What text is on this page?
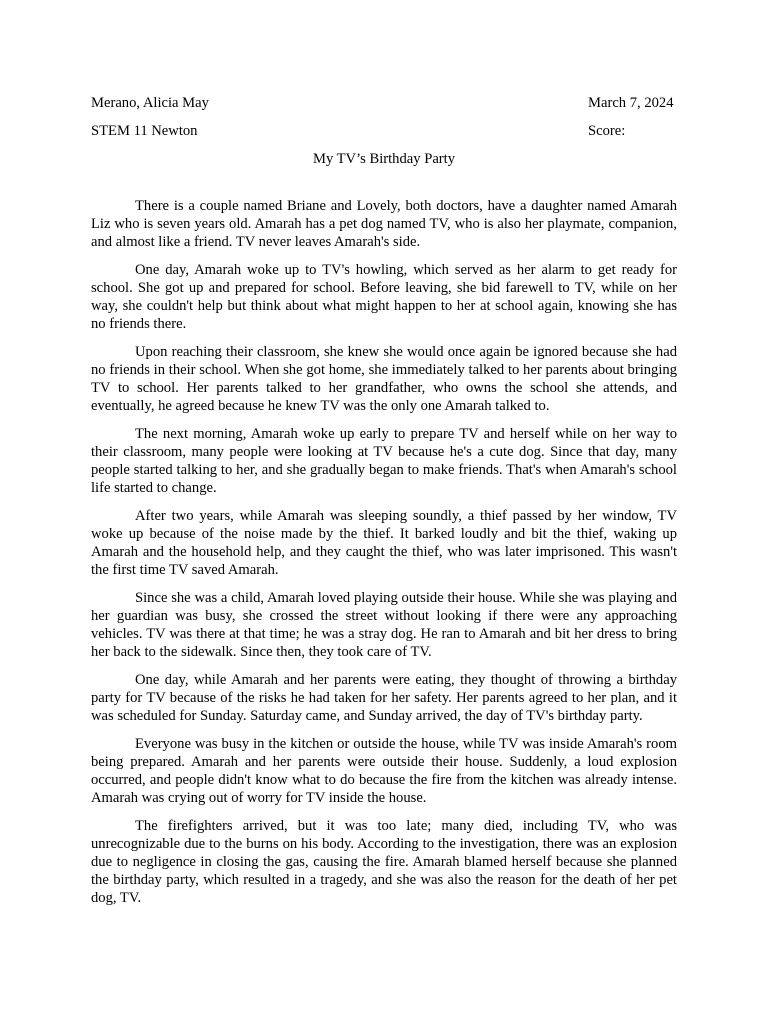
Merano, Alicia May	March 7, 2024
STEM 11 Newton	Score:
My TV’s Birthday Party

There is a couple named Briane and Lovely, both doctors, have a daughter named Amarah Liz who is seven years old. Amarah has a pet dog named TV, who is also her playmate, companion, and almost like a friend. TV never leaves Amarah's side.

One day, Amarah woke up to TV's howling, which served as her alarm to get ready for school. She got up and prepared for school. Before leaving, she bid farewell to TV, while on her way, she couldn't help but think about what might happen to her at school again, knowing she has no friends there.

Upon reaching their classroom, she knew she would once again be ignored because she had no friends in their school. When she got home, she immediately talked to her parents about bringing TV to school. Her parents talked to her grandfather, who owns the school she attends, and eventually, he agreed because he knew TV was the only one Amarah talked to.

The next morning, Amarah woke up early to prepare TV and herself while on her way to their classroom, many people were looking at TV because he's a cute dog. Since that day, many people started talking to her, and she gradually began to make friends. That's when Amarah's school life started to change.

After two years, while Amarah was sleeping soundly, a thief passed by her window, TV woke up because of the noise made by the thief. It barked loudly and bit the thief, waking up Amarah and the household help, and they caught the thief, who was later imprisoned. This wasn't the first time TV saved Amarah.

Since she was a child, Amarah loved playing outside their house. While she was playing and her guardian was busy, she crossed the street without looking if there were any approaching vehicles. TV was there at that time; he was a stray dog. He ran to Amarah and bit her dress to bring her back to the sidewalk. Since then, they took care of TV.

One day, while Amarah and her parents were eating, they thought of throwing a birthday party for TV because of the risks he had taken for her safety. Her parents agreed to her plan, and it was scheduled for Sunday. Saturday came, and Sunday arrived, the day of TV's birthday party.

Everyone was busy in the kitchen or outside the house, while TV was inside Amarah's room being prepared. Amarah and her parents were outside their house. Suddenly, a loud explosion occurred, and people didn't know what to do because the fire from the kitchen was already intense. Amarah was crying out of worry for TV inside the house.

The firefighters arrived, but it was too late; many died, including TV, who was unrecognizable due to the burns on his body. According to the investigation, there was an explosion due to negligence in closing the gas, causing the fire. Amarah blamed herself because she planned the birthday party, which resulted in a tragedy, and she was also the reason for the death of her pet dog, TV.
